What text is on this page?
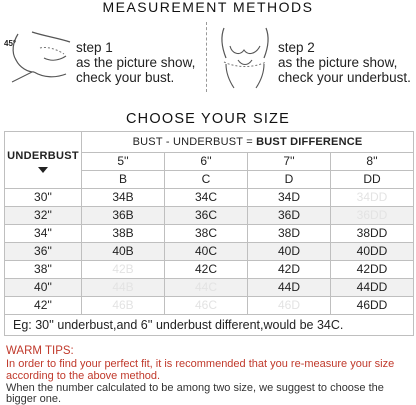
MEASUREMENT METHODS
45°	step 1
as the picture show,
check your bust.
step 2
as the picture show,
check your underbust.
CHOOSE YOUR SIZE
UNDERBUST	BUST - UNDERBUST = BUST DIFFERENCE			
	5''	6''	7''	8''
	B	C	D	DD
30''	34B	34C	34D	34DD
32''	36B	36C	36D	36DD
34''	38B	38C	38D	38DD
36''	40B	40C	40D	40DD
38''	42B	42C	42D	42DD
40''	44B	44C	44D	44DD
42''	46B	46C	46D	46DD
Eg: 30'' underbust,and 6'' underbust different,would be 34C.				
WARM TIPS:
In order to find your perfect fit, it is recommended that you re-measure your size according to the above method.
When the number calculated to be among two size, we suggest to choose the bigger one.
